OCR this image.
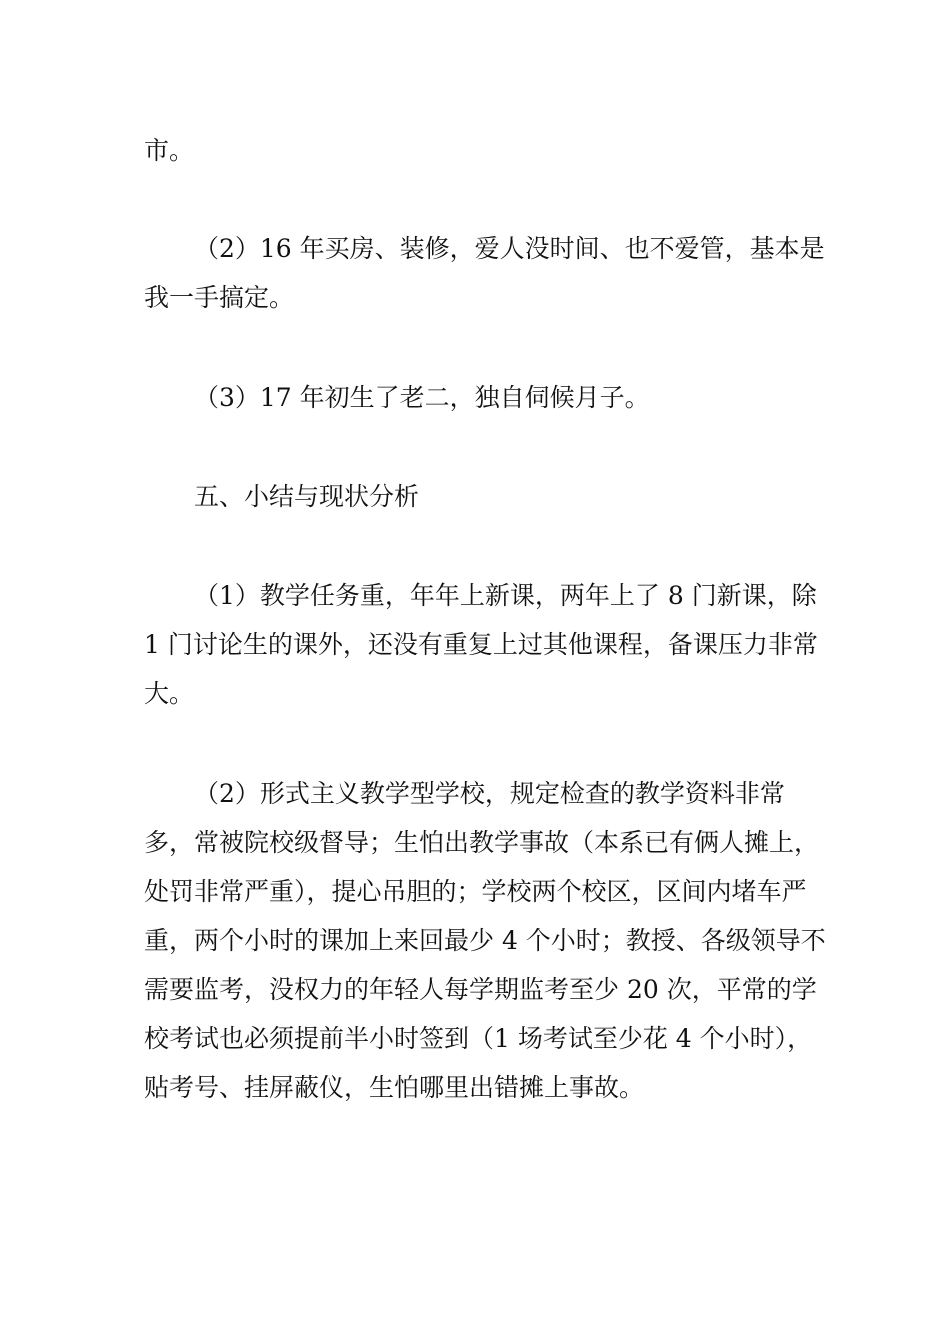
市。

（2）16 年买房、装修，爱人没时间、也不爱管，基本是我一手搞定。

（3）17 年初生了老二，独自伺候月子。

五、小结与现状分析

（1）教学任务重，年年上新课，两年上了 8 门新课，除 1 门讨论生的课外，还没有重复上过其他课程，备课压力非常大。

（2）形式主义教学型学校，规定检查的教学资料非常多，常被院校级督导；生怕出教学事故（本系已有俩人摊上，处罚非常严重），提心吊胆的；学校两个校区，区间内堵车严重，两个小时的课加上来回最少 4 个小时；教授、各级领导不需要监考，没权力的年轻人每学期监考至少 20 次，平常的学校考试也必须提前半小时签到（1 场考试至少花 4 个小时），贴考号、挂屏蔽仪，生怕哪里出错摊上事故。
